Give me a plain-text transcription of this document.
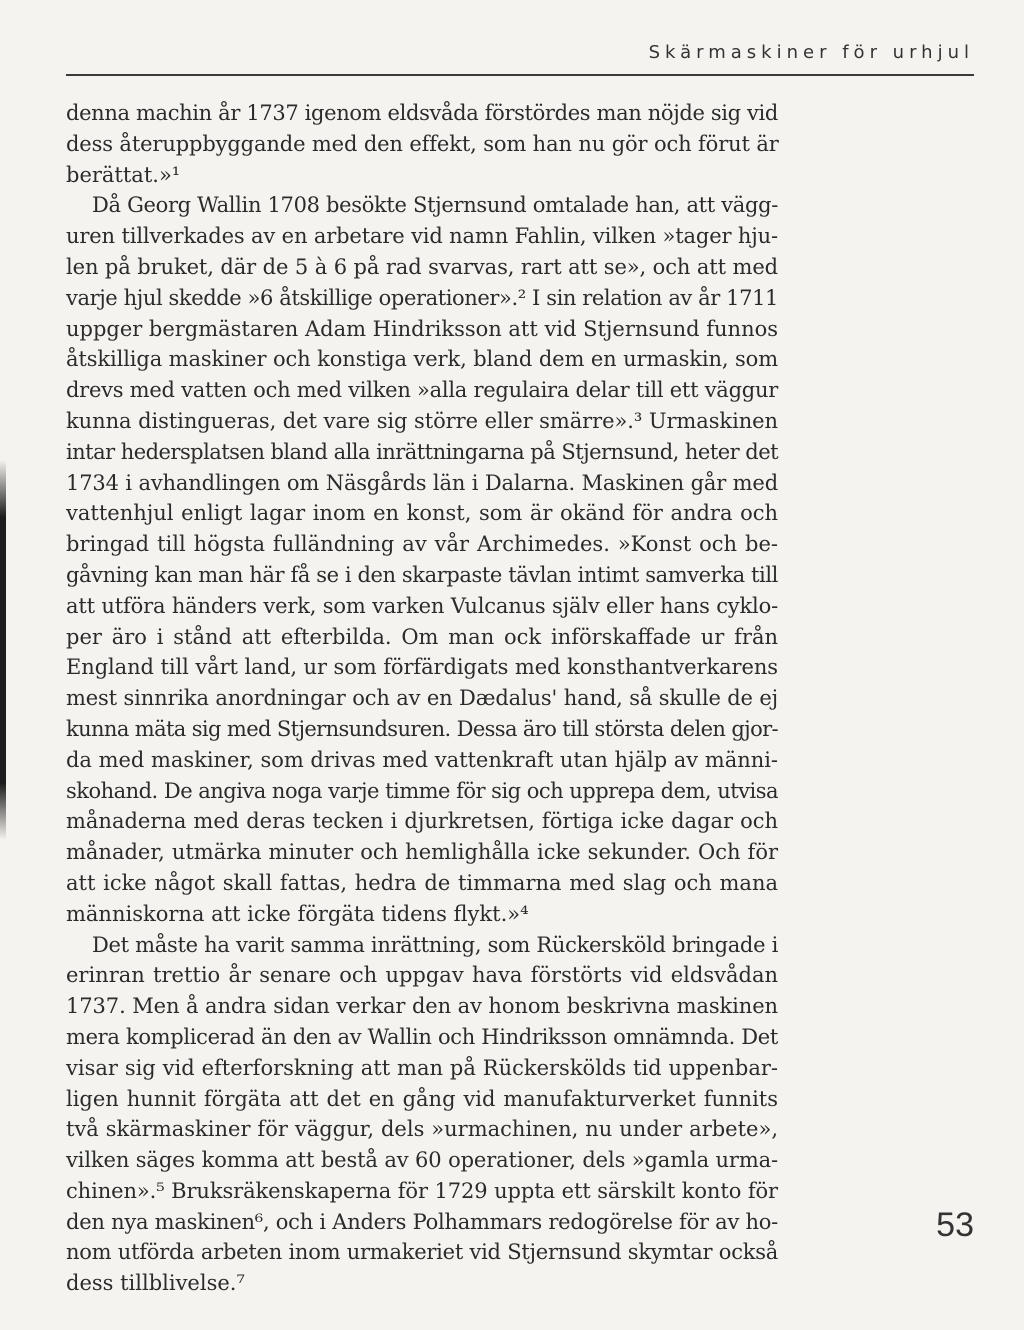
Skärmaskiner för urhjul
denna machin år 1737 igenom eldsvåda förstördes man nöjde sig vid
dess återuppbyggande med den effekt, som han nu gör och förut är
berättat.»¹
Då Georg Wallin 1708 besökte Stjernsund omtalade han, att vägg-
uren tillverkades av en arbetare vid namn Fahlin, vilken »tager hju-
len på bruket, där de 5 à 6 på rad svarvas, rart att se», och att med
varje hjul skedde »6 åtskillige operationer».² I sin relation av år 1711
uppger bergmästaren Adam Hindriksson att vid Stjernsund funnos
åtskilliga maskiner och konstiga verk, bland dem en urmaskin, som
drevs med vatten och med vilken »alla regulaira delar till ett väggur
kunna distingueras, det vare sig större eller smärre».³ Urmaskinen
intar hedersplatsen bland alla inrättningarna på Stjernsund, heter det
1734 i avhandlingen om Näsgårds län i Dalarna. Maskinen går med
vattenhjul enligt lagar inom en konst, som är okänd för andra och
bringad till högsta fulländning av vår Archimedes. »Konst och be-
gåvning kan man här få se i den skarpaste tävlan intimt samverka till
att utföra händers verk, som varken Vulcanus själv eller hans cyklo-
per äro i stånd att efterbilda. Om man ock införskaffade ur från
England till vårt land, ur som förfärdigats med konsthantverkarens
mest sinnrika anordningar och av en Dædalus' hand, så skulle de ej
kunna mäta sig med Stjernsundsuren. Dessa äro till största delen gjor-
da med maskiner, som drivas med vattenkraft utan hjälp av männi-
skohand. De angiva noga varje timme för sig och upprepa dem, utvisa
månaderna med deras tecken i djurkretsen, förtiga icke dagar och
månader, utmärka minuter och hemlighålla icke sekunder. Och för
att icke något skall fattas, hedra de timmarna med slag och mana
människorna att icke förgäta tidens flykt.»⁴
Det måste ha varit samma inrättning, som Rückersköld bringade i
erinran trettio år senare och uppgav hava förstörts vid eldsvådan
1737. Men å andra sidan verkar den av honom beskrivna maskinen
mera komplicerad än den av Wallin och Hindriksson omnämnda. Det
visar sig vid efterforskning att man på Rückerskölds tid uppenbar-
ligen hunnit förgäta att det en gång vid manufakturverket funnits
två skärmaskiner för väggur, dels »urmachinen, nu under arbete»,
vilken säges komma att bestå av 60 operationer, dels »gamla urma-
chinen».⁵ Bruksräkenskaperna för 1729 uppta ett särskilt konto för
den nya maskinen⁶, och i Anders Polhammars redogörelse för av ho-
nom utförda arbeten inom urmakeriet vid Stjernsund skymtar också
dess tillblivelse.⁷
53
